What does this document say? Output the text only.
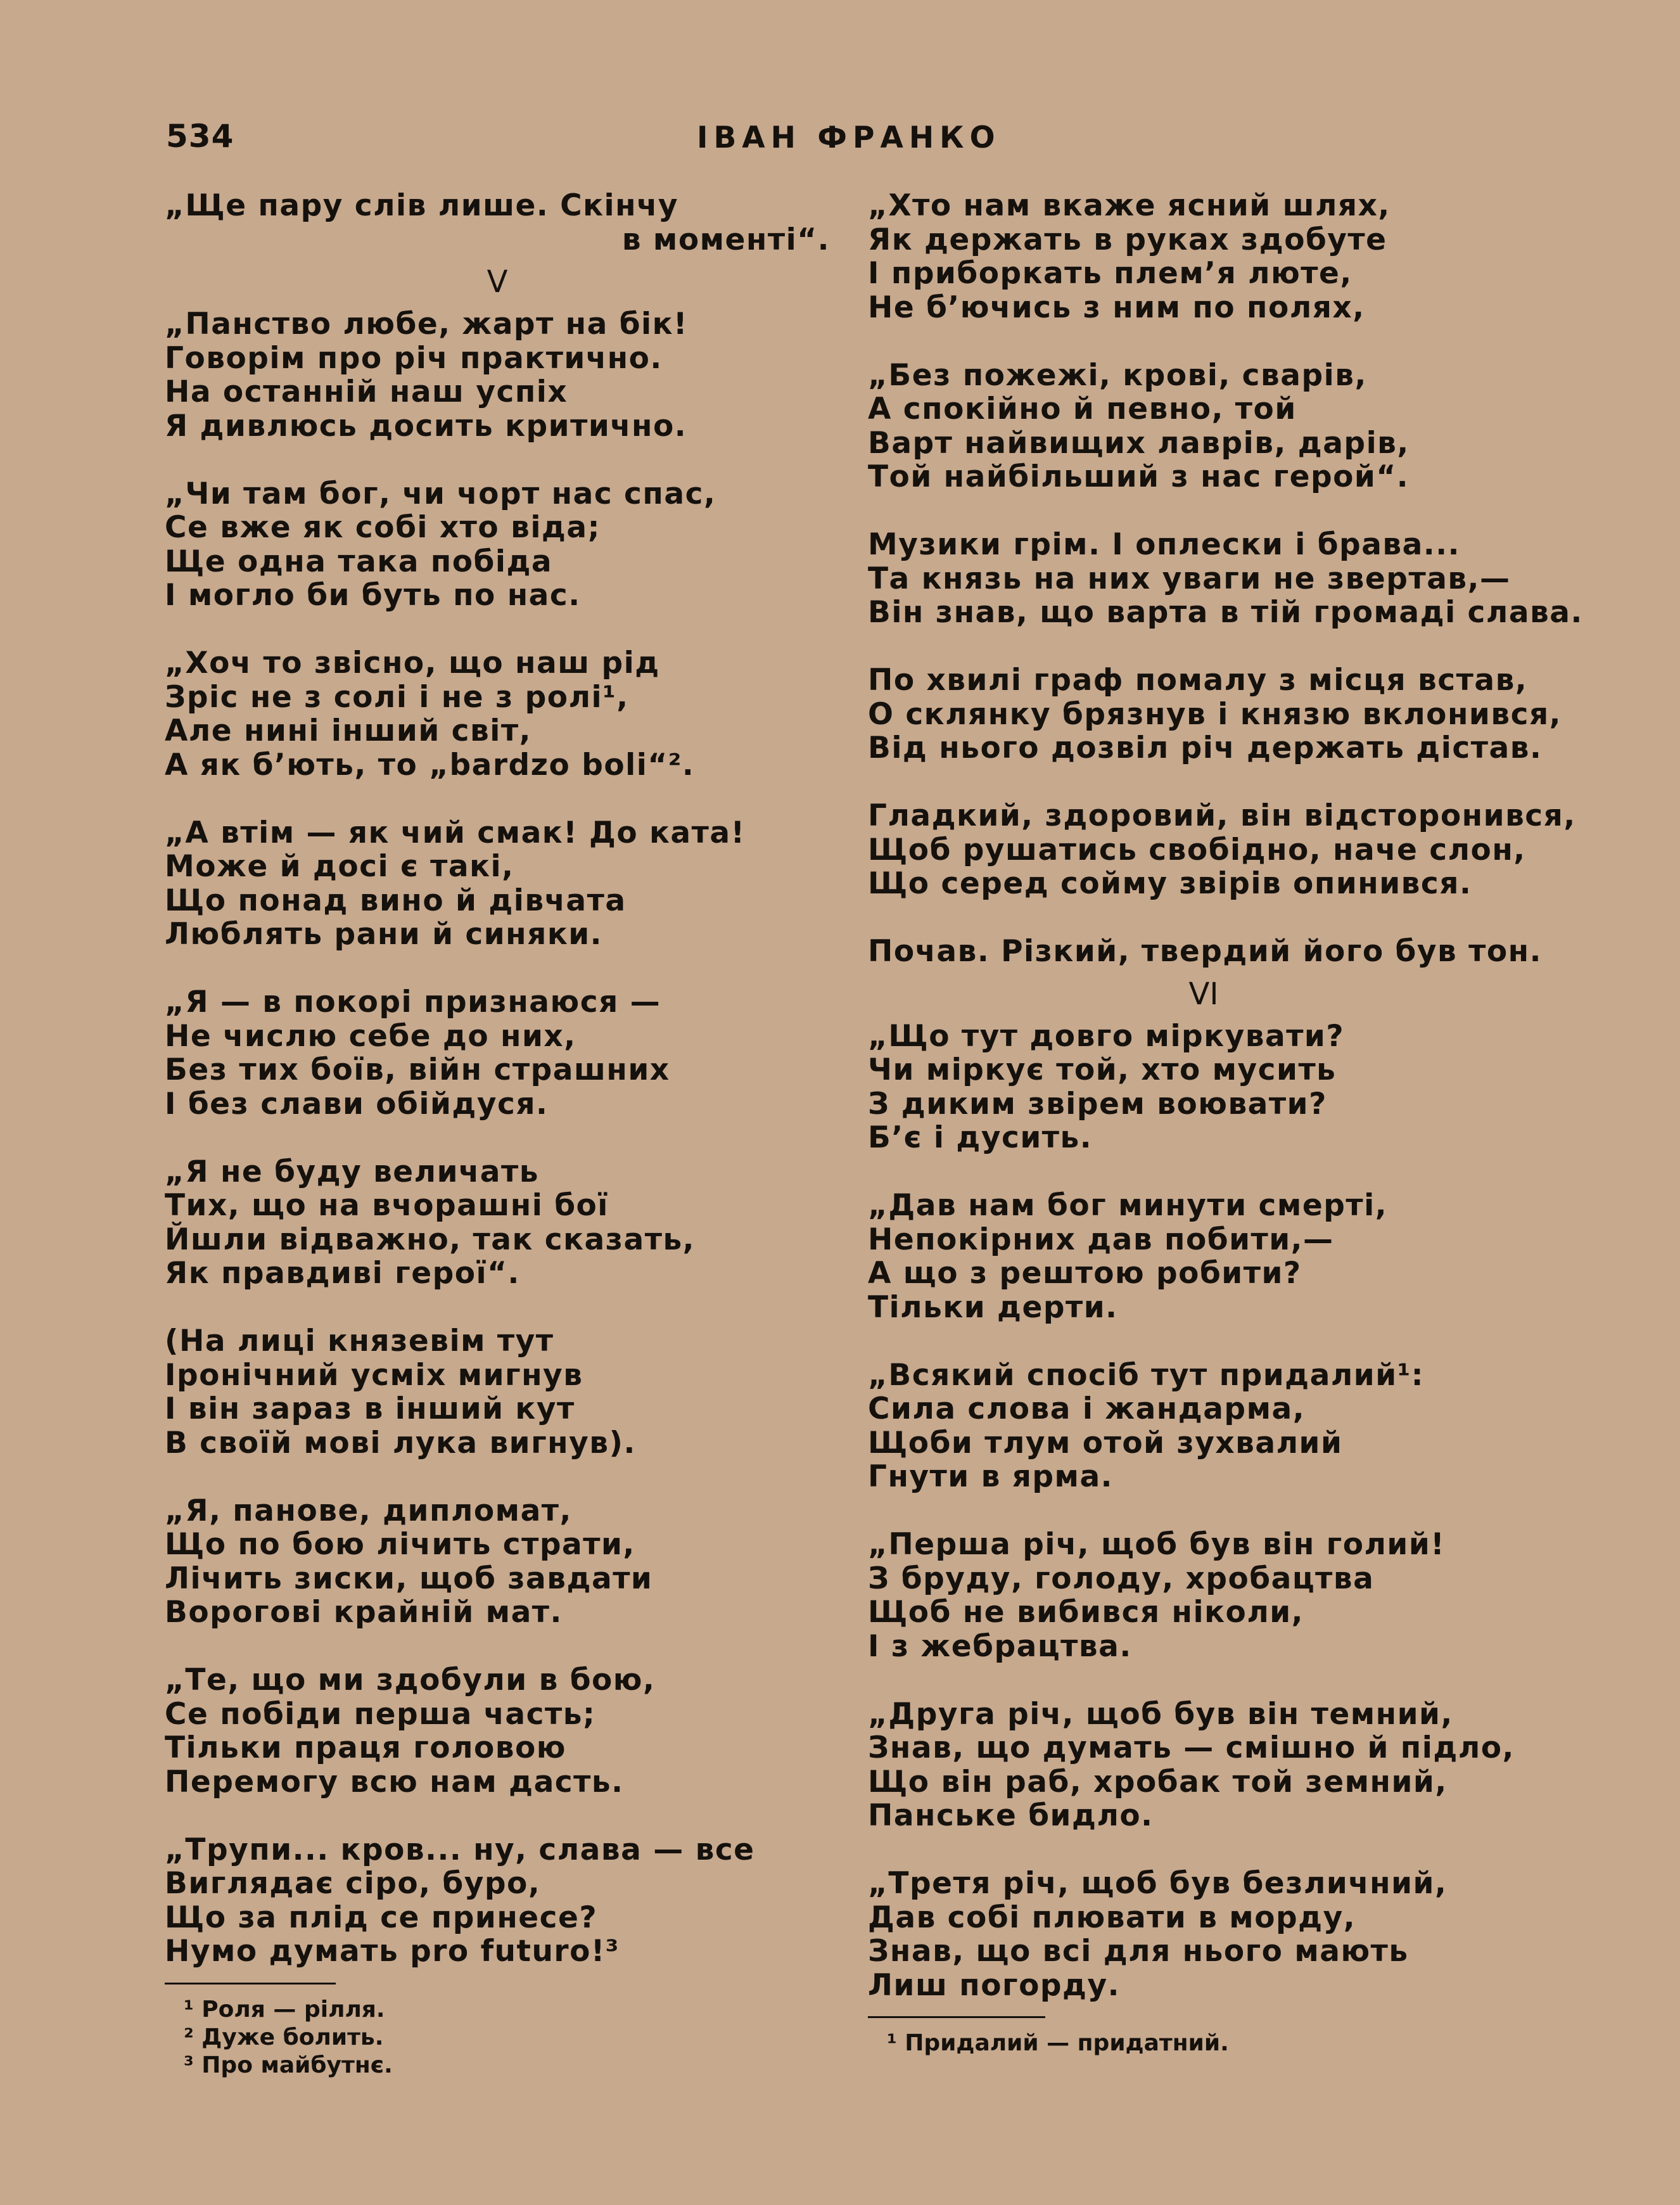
534	ІВАН ФРАНКО
„Ще пару слів лише. Скінчу
в моменті“.
V
„Панство любе, жарт на бік!
Говорім про річ практично.
На останній наш успіх
Я дивлюсь досить критично.
„Чи там бог, чи чорт нас спас,
Се вже як собі хто віда;
Ще одна така побіда
І могло би буть по нас.
„Хоч то звісно, що наш рід
Зріс не з солі і не з ролі¹,
Але нині інший світ,
А як б’ють, то „bardzo boli“².
„А втім — як чий смак! До ката!
Може й досі є такі,
Що понад вино й дівчата
Люблять рани й синяки.
„Я — в покорі признаюся —
Не числю себе до них,
Без тих боїв, війн страшних
І без слави обійдуся.
„Я не буду величать
Тих, що на вчорашні бої
Йшли відважно, так сказать,
Як правдиві герої“.
(На лиці князевім тут
Іронічний усміх мигнув
І він зараз в інший кут
В своїй мові лука вигнув).
„Я, панове, дипломат,
Що по бою лічить страти,
Лічить зиски, щоб завдати
Ворогові крайній мат.
„Те, що ми здобули в бою,
Се побіди перша часть;
Тільки праця головою
Перемогу всю нам дасть.
„Трупи... кров... ну, слава — все
Виглядає сіро, буро,
Що за плід се принесе?
Нумо думать pro futuro!³
¹ Роля — рілля.
² Дуже болить.
³ Про майбутнє.
„Хто нам вкаже ясний шлях,
Як держать в руках здобуте
І приборкать плем’я люте,
Не б’ючись з ним по полях,
„Без пожежі, крові, сварів,
А спокійно й певно, той
Варт найвищих лаврів, дарів,
Той найбільший з нас герой“.
Музики грім. І оплески і брава...
Та князь на них уваги не звертав,—
Він знав, що варта в тій громаді слава.
По хвилі граф помалу з місця встав,
О склянку брязнув і князю вклонився,
Від нього дозвіл річ держать дістав.
Гладкий, здоровий, він відсторонився,
Щоб рушатись свобідно, наче слон,
Що серед сойму звірів опинився.
Почав. Різкий, твердий його був тон.
VI
„Що тут довго міркувати?
Чи міркує той, хто мусить
З диким звірем воювати?
Б’є і дусить.
„Дав нам бог минути смерті,
Непокірних дав побити,—
А що з рештою робити?
Тільки дерти.
„Всякий спосіб тут придалий¹:
Сила слова і жандарма,
Щоби тлум отой зухвалий
Гнути в ярма.
„Перша річ, щоб був він голий!
З бруду, голоду, хробацтва
Щоб не вибився ніколи,
І з жебрацтва.
„Друга річ, щоб був він темний,
Знав, що думать — смішно й підло,
Що він раб, хробак той земний,
Панське бидло.
„Третя річ, щоб був безличний,
Дав собі плювати в морду,
Знав, що всі для нього мають
Лиш погорду.
¹ Придалий — придатний.
